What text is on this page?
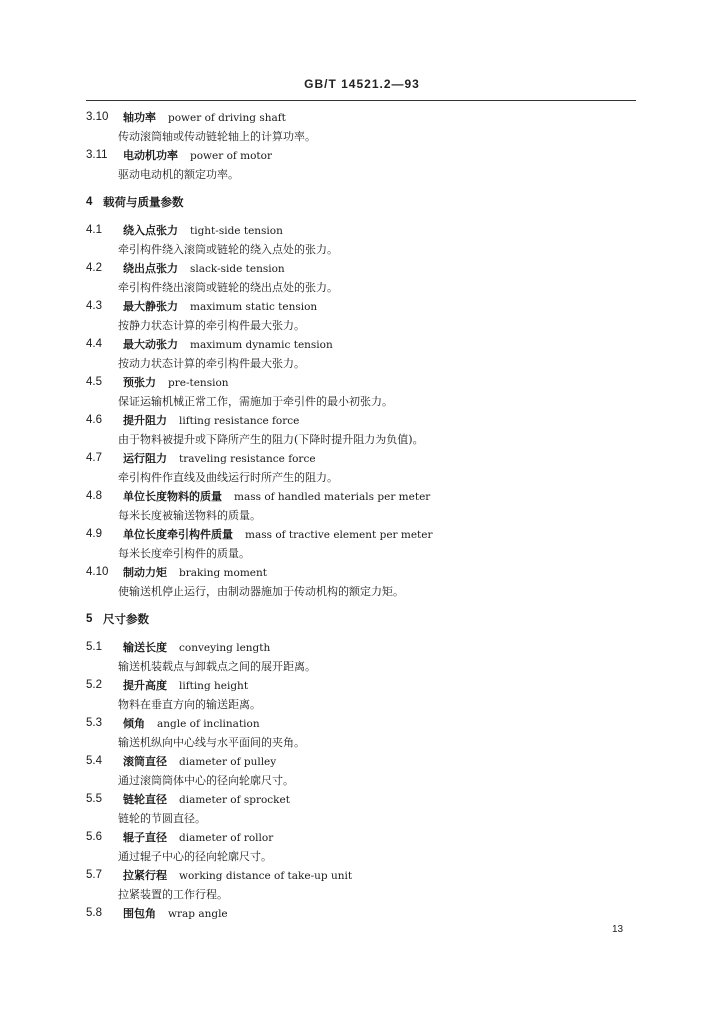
GB/T 14521.2—93
3.10 轴功率 power of driving shaft
传动滚筒轴或传动链轮轴上的计算功率。
3.11 电动机功率 power of motor
驱动电动机的额定功率。
4 载荷与质量参数
4.1 绕入点张力 tight-side tension
牵引构件绕入滚筒或链轮的绕入点处的张力。
4.2 绕出点张力 slack-side tension
牵引构件绕出滚筒或链轮的绕出点处的张力。
4.3 最大静张力 maximum static tension
按静力状态计算的牵引构件最大张力。
4.4 最大动张力 maximum dynamic tension
按动力状态计算的牵引构件最大张力。
4.5 预张力 pre-tension
保证运输机械正常工作，需施加于牵引件的最小初张力。
4.6 提升阻力 lifting resistance force
由于物料被提升或下降所产生的阻力(下降时提升阻力为负值)。
4.7 运行阻力 traveling resistance force
牵引构件作直线及曲线运行时所产生的阻力。
4.8 单位长度物料的质量 mass of handled materials per meter
每米长度被输送物料的质量。
4.9 单位长度牵引构件质量 mass of tractive element per meter
每米长度牵引构件的质量。
4.10 制动力矩 braking moment
使输送机停止运行，由制动器施加于传动机构的额定力矩。
5 尺寸参数
5.1 输送长度 conveying length
输送机装载点与卸载点之间的展开距离。
5.2 提升高度 lifting height
物料在垂直方向的输送距离。
5.3 倾角 angle of inclination
输送机纵向中心线与水平面间的夹角。
5.4 滚筒直径 diameter of pulley
通过滚筒筒体中心的径向轮廓尺寸。
5.5 链轮直径 diameter of sprocket
链轮的节圆直径。
5.6 辊子直径 diameter of rollor
通过辊子中心的径向轮廓尺寸。
5.7 拉紧行程 working distance of take-up unit
拉紧装置的工作行程。
5.8 围包角 wrap angle
13
